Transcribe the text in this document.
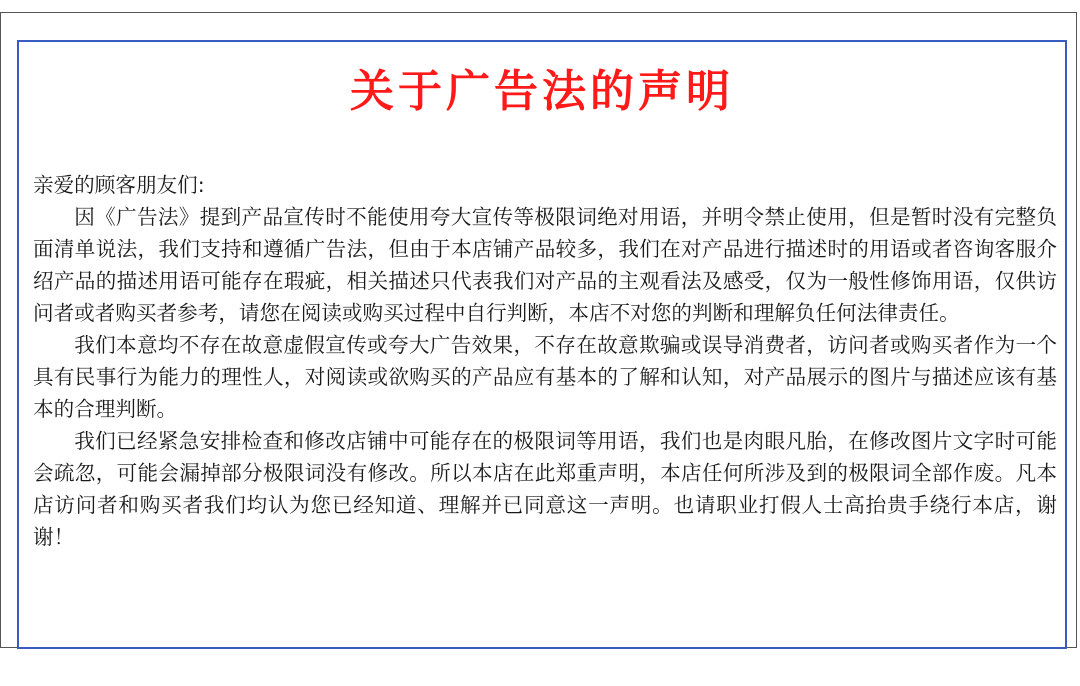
关于广告法的声明

亲爱的顾客朋友们:

因《广告法》提到产品宣传时不能使用夸大宣传等极限词绝对用语，并明令禁止使用，但是暂时没有完整负面清单说法，我们支持和遵循广告法，但由于本店铺产品较多，我们在对产品进行描述时的用语或者咨询客服介绍产品的描述用语可能存在瑕疵，相关描述只代表我们对产品的主观看法及感受，仅为一般性修饰用语，仅供访问者或者购买者参考，请您在阅读或购买过程中自行判断，本店不对您的判断和理解负任何法律责任。

我们本意均不存在故意虚假宣传或夸大广告效果，不存在故意欺骗或误导消费者，访问者或购买者作为一个具有民事行为能力的理性人，对阅读或欲购买的产品应有基本的了解和认知，对产品展示的图片与描述应该有基本的合理判断。

我们已经紧急安排检查和修改店铺中可能存在的极限词等用语，我们也是肉眼凡胎，在修改图片文字时可能会疏忽，可能会漏掉部分极限词没有修改。所以本店在此郑重声明，本店任何所涉及到的极限词全部作废。凡本店访问者和购买者我们均认为您已经知道、理解并已同意这一声明。也请职业打假人士高抬贵手绕行本店，谢谢！
